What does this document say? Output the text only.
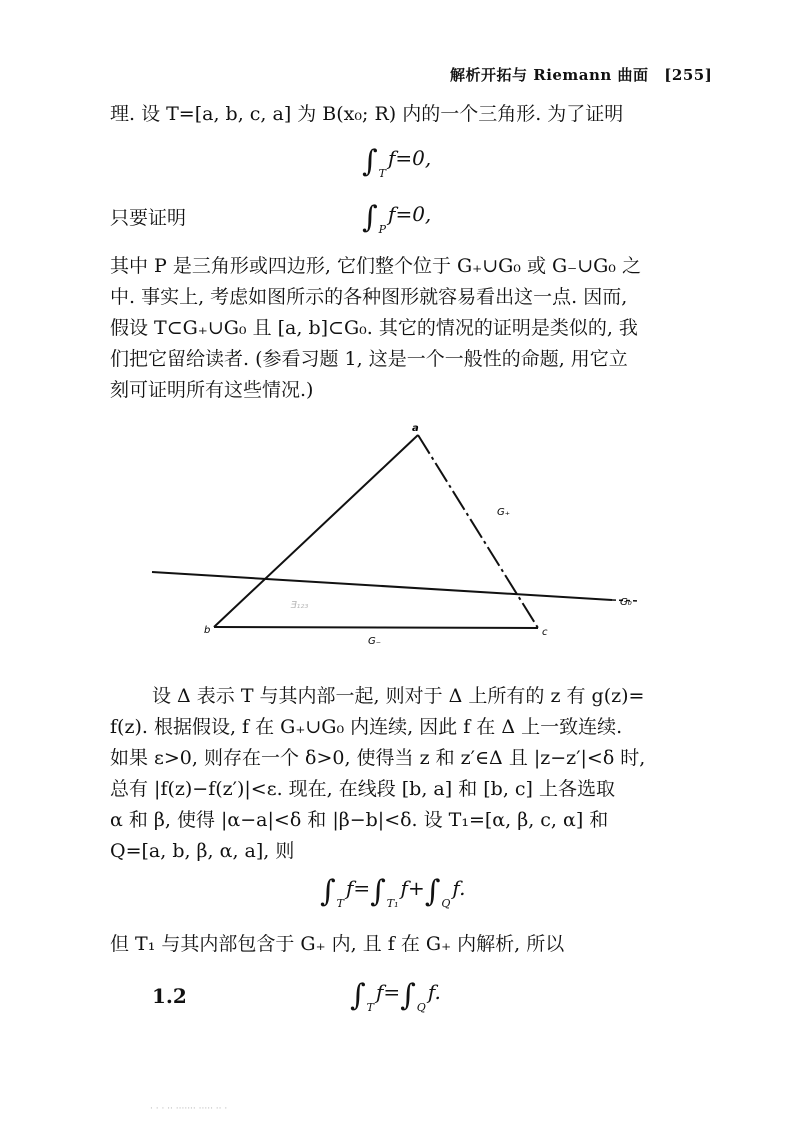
解析开拓与 Riemann 曲面 [255]
理. 设 T=[a, b, c, a] 为 B(x₀; R) 内的一个三角形. 为了证明
$\int_Tf=0$,
只要证明	$\int_Pf=0$,
其中 P 是三角形或四边形, 它们整个位于 G₊∪G₀ 或 G₋∪G₀ 之
中. 事实上, 考虑如图所示的各种图形就容易看出这一点. 因而,
假设 T⊂G₊∪G₀ 且 [a, b]⊂G₀. 其它的情况的证明是类似的, 我
们把它留给读者. (参看习题 1, 这是一个一般性的命题, 用它立
刻可证明所有这些情况.)
a
b	c
G₊
G₋
G₀
Ǝ₁₂₃
设 Δ 表示 T 与其内部一起, 则对于 Δ 上所有的 z 有 g(z)=
f(z). 根据假设, f 在 G₊∪G₀ 内连续, 因此 f 在 Δ 上一致连续.
如果 ε>0, 则存在一个 δ>0, 使得当 z 和 z′∈Δ 且 |z−z′|<δ 时,
总有 |f(z)−f(z′)|<ε. 现在, 在线段 [b, a] 和 [b, c] 上各选取
α 和 β, 使得 |α−a|<δ 和 |β−b|<δ. 设 T₁=[α, β, c, α] 和
Q=[a, b, β, α, a], 则
$\int_Tf=\int_{T_1}f+\int_Qf$.
但 T₁ 与其内部包含于 G₊ 内, 且 f 在 G₊ 内解析, 所以
1.2	$\int_Tf=\int_Qf$.
· · · ·· ······· ····· ·· ·
